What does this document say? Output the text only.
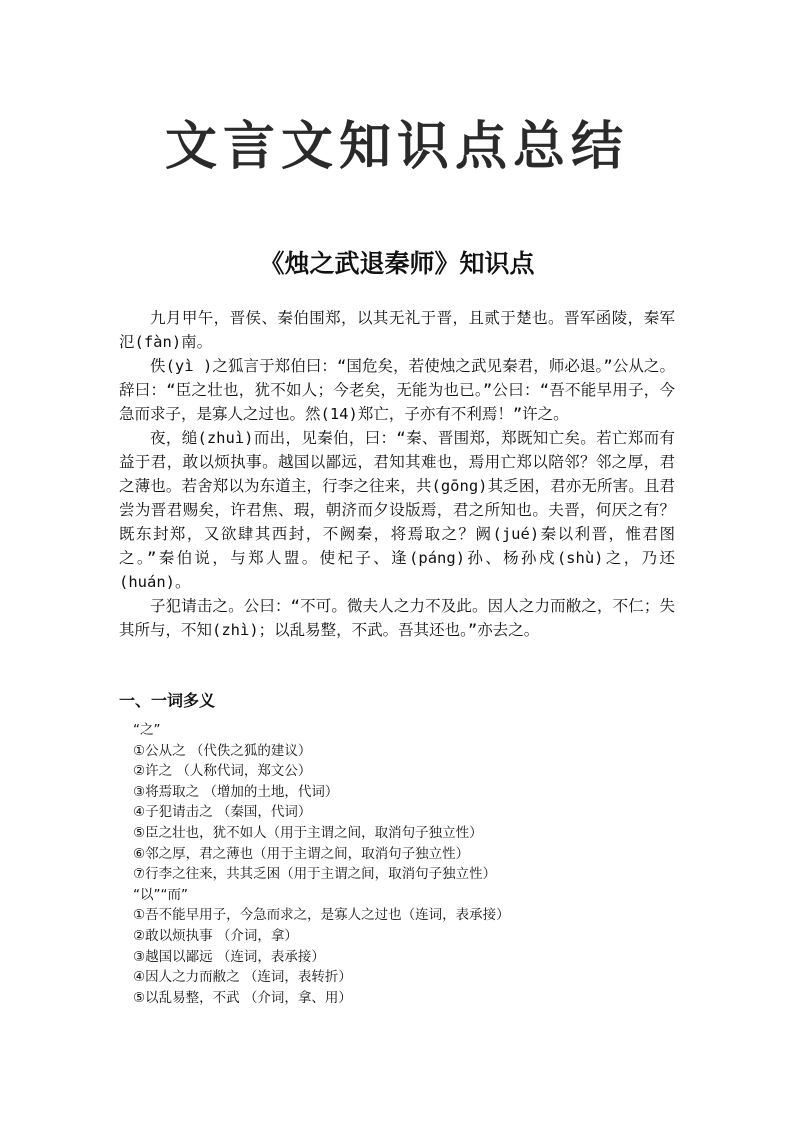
文言文知识点总结
《烛之武退秦师》知识点

九月甲午，晋侯、秦伯围郑，以其无礼于晋，且贰于楚也。晋军函陵，秦军氾(fàn)南。

佚(yì )之狐言于郑伯曰：“国危矣，若使烛之武见秦君，师必退。”公从之。辞曰：“臣之壮也，犹不如人；今老矣，无能为也已。”公曰：“吾不能早用子，今急而求子，是寡人之过也。然(14)郑亡，子亦有不利焉！”许之。

夜，缒(zhuì)而出，见秦伯，曰：“秦、晋围郑，郑既知亡矣。若亡郑而有益于君，敢以烦执事。越国以鄙远，君知其难也，焉用亡郑以陪邻？邻之厚，君之薄也。若舍郑以为东道主，行李之往来，共(gōng)其乏困，君亦无所害。且君尝为晋君赐矣，许君焦、瑕，朝济而夕设版焉，君之所知也。夫晋，何厌之有？既东封郑，又欲肆其西封，不阙秦，将焉取之？阙(jué)秦以利晋，惟君图之。”秦伯说，与郑人盟。使杞子、逢(páng)孙、杨孙戍(shù)之，乃还(huán)。

子犯请击之。公曰：“不可。微夫人之力不及此。因人之力而敝之，不仁；失其所与，不知(zhì)；以乱易整，不武。吾其还也。”亦去之。

一、一词多义
“之”
①公从之 （代佚之狐的建议）
②许之 （人称代词，郑文公）
③将焉取之 （增加的土地，代词）
④子犯请击之 （秦国，代词）
⑤臣之壮也，犹不如人（用于主谓之间，取消句子独立性）
⑥邻之厚，君之薄也（用于主谓之间，取消句子独立性）
⑦行李之往来，共其乏困（用于主谓之间，取消句子独立性）
“以”“而”
①吾不能早用子，今急而求之，是寡人之过也（连词，表承接）
②敢以烦执事 （介词，拿）
③越国以鄙远 （连词，表承接）
④因人之力而敝之 （连词，表转折）
⑤以乱易整，不武 （介词，拿、用）
